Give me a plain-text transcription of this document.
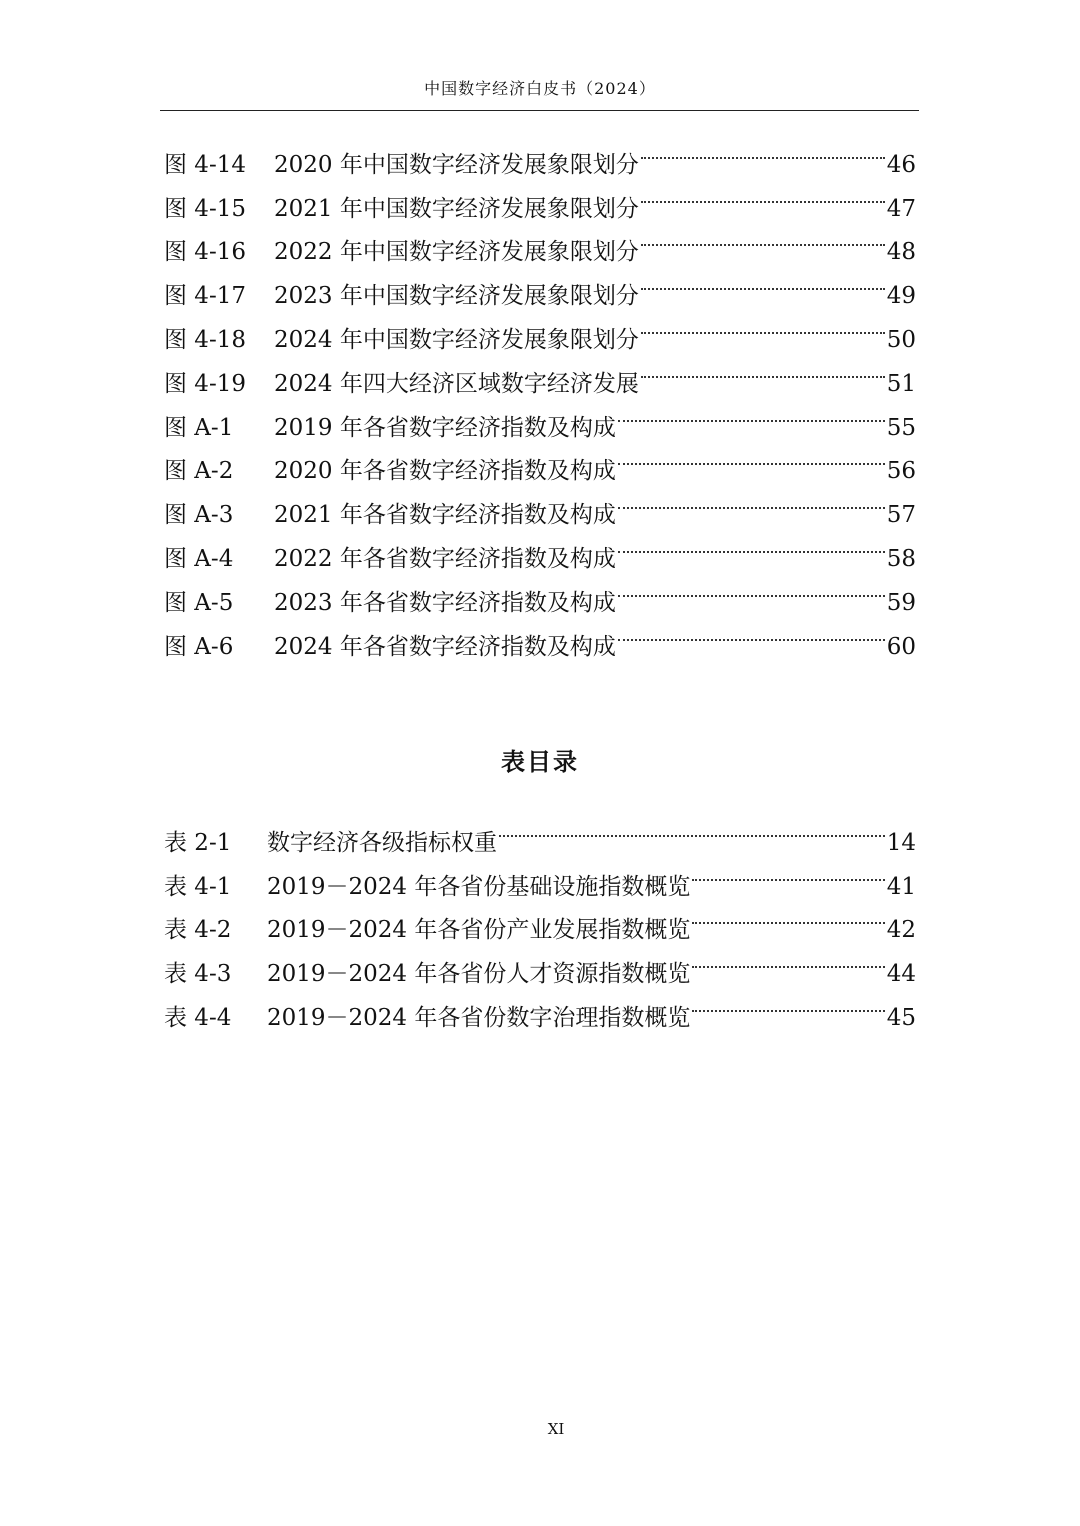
中国数字经济白皮书（2024）
图 4-14	2020 年中国数字经济发展象限划分	46
图 4-15	2021 年中国数字经济发展象限划分	47
图 4-16	2022 年中国数字经济发展象限划分	48
图 4-17	2023 年中国数字经济发展象限划分	49
图 4-18	2024 年中国数字经济发展象限划分	50
图 4-19	2024 年四大经济区域数字经济发展	51
图 A-1	2019 年各省数字经济指数及构成	55
图 A-2	2020 年各省数字经济指数及构成	56
图 A-3	2021 年各省数字经济指数及构成	57
图 A-4	2022 年各省数字经济指数及构成	58
图 A-5	2023 年各省数字经济指数及构成	59
图 A-6	2024 年各省数字经济指数及构成	60
表目录
表 2-1	数字经济各级指标权重	14
表 4-1	2019－2024 年各省份基础设施指数概览	41
表 4-2	2019－2024 年各省份产业发展指数概览	42
表 4-3	2019－2024 年各省份人才资源指数概览	44
表 4-4	2019－2024 年各省份数字治理指数概览	45
XI
